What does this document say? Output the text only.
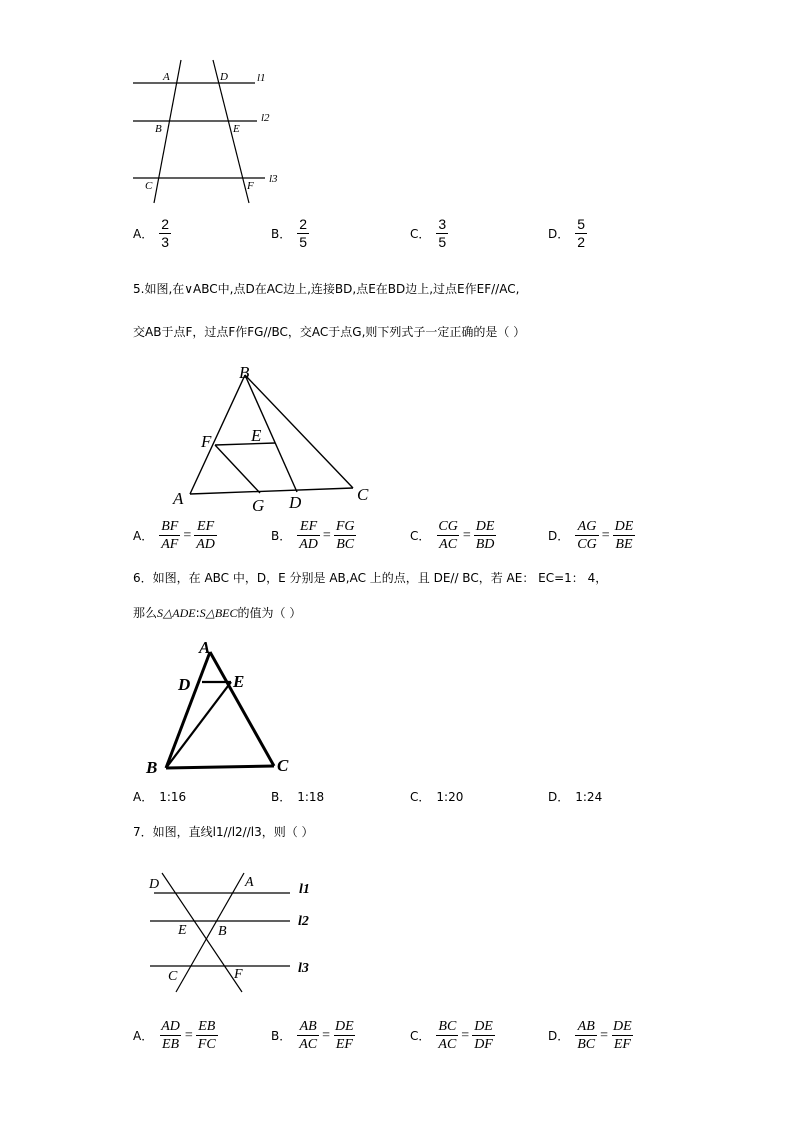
A	D	l1
B	E
l2
C	F
l3
A． $\frac{2}{3}$	B． $\frac{2}{5}$	C． $\frac{3}{5}$	D． $\frac{5}{2}$
5.如图,在∨ABC中,点D在AC边上,连接BD,点E在BD边上,过点E作EF//AC,
交AB于点F，过点F作FG//BC，交AC于点G,则下列式子一定正确的是（ ）
B
F E
A	G D	C
A． $\frac{BF}{AF} = \frac{EF}{AD}$	B． $\frac{EF}{AD} = \frac{FG}{BC}$	C． $\frac{CG}{AC} = \frac{DE}{BD}$	D． $\frac{AG}{CG} = \frac{DE}{BE}$
6．如图，在 ABC 中，D，E 分别是 AB,AC 上的点，且 DE// BC，若 AE： EC=1： 4，
那么S△ADE:S△BEC的值为（ ）
A
D	E
B	C
A． 1:16	B． 1:18	C． 1:20	D． 1:24
7．如图，直线l1//l2//l3，则（ ）
D	A	l1
E B
l2
C	F	l3
A． $\frac{AD}{EB} = \frac{EB}{FC}$	B． $\frac{AB}{AC} = \frac{DE}{EF}$	C． $\frac{BC}{AC} = \frac{DE}{DF}$	D． $\frac{AB}{BC} = \frac{DE}{EF}$
